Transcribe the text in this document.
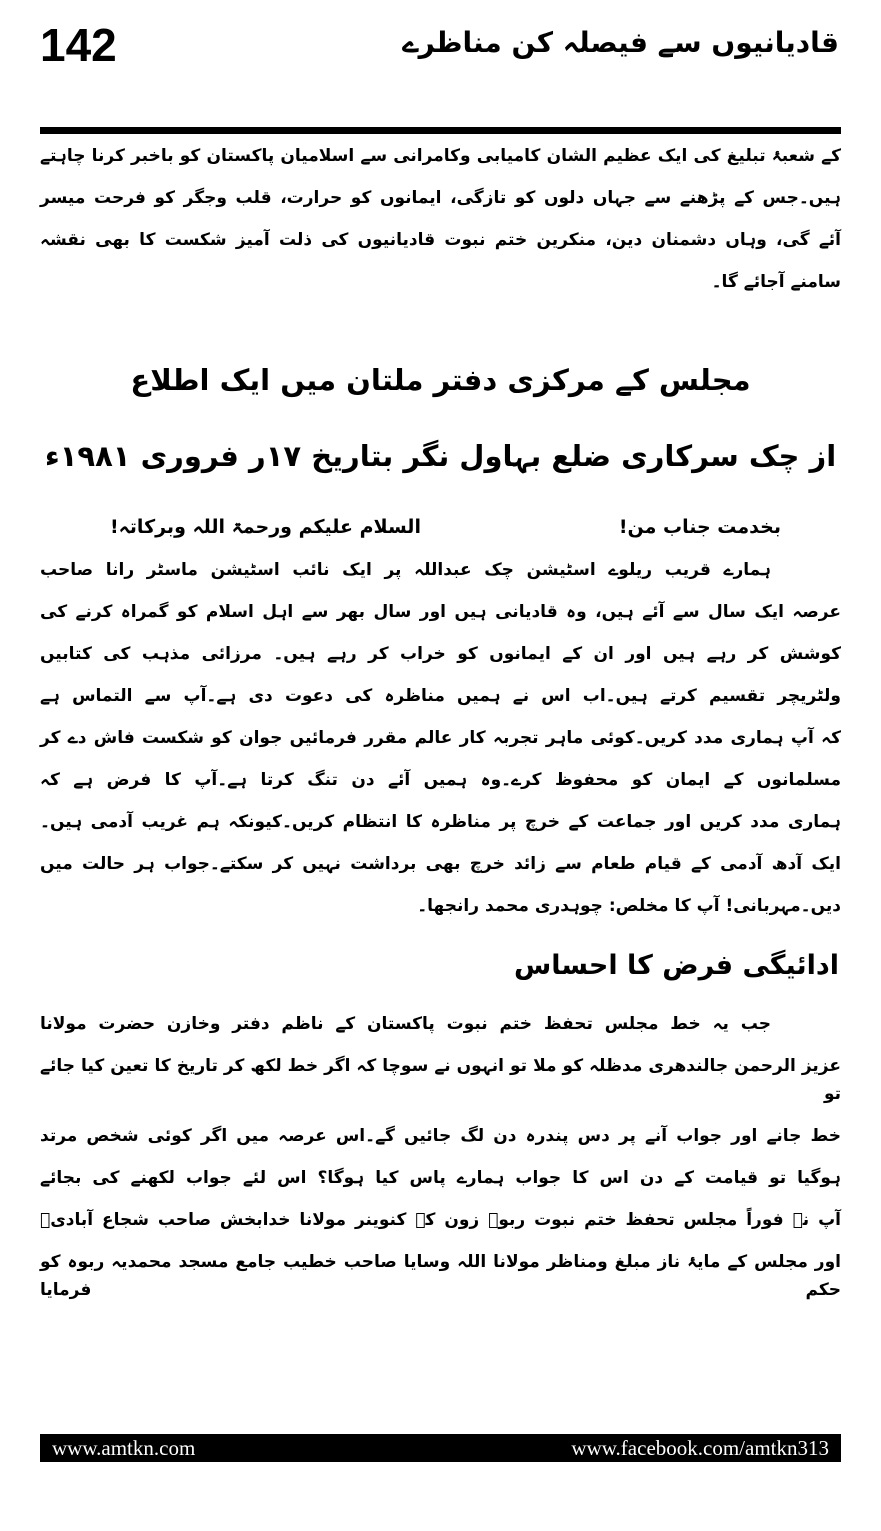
142	قادیانیوں سے فیصلہ کن مناظرے
کے شعبۂ تبلیغ کی ایک عظیم الشان کامیابی وکامرانی سے اسلامیان پاکستان کو باخبر کرنا چاہتے
ہیں۔جس کے پڑھنے سے جہاں دلوں کو تازگی، ایمانوں کو حرارت، قلب وجگر کو فرحت میسر
آئے گی، وہاں دشمنان دین، منکرین ختم نبوت قادیانیوں کی ذلت آمیز شکست کا بھی نقشہ
سامنے آجائے گا۔
مجلس کے مرکزی دفتر ملتان میں ایک اطلاع
از چک سرکاری ضلع بہاول نگر بتاریخ ۱۷ر فروری ۱۹۸۱ء
بخدمت جناب من!
السلام علیکم ورحمۃ اللہ وبرکاتہ!
ہمارے قریب ریلوے اسٹیشن چک عبداللہ پر ایک نائب اسٹیشن ماسٹر رانا صاحب
عرصہ ایک سال سے آئے ہیں، وہ قادیانی ہیں اور سال بھر سے اہل اسلام کو گمراہ کرنے کی
کوشش کر رہے ہیں اور ان کے ایمانوں کو خراب کر رہے ہیں۔ مرزائی مذہب کی کتابیں
ولٹریچر تقسیم کرتے ہیں۔اب اس نے ہمیں مناظرہ کی دعوت دی ہے۔آپ سے التماس ہے
کہ آپ ہماری مدد کریں۔کوئی ماہر تجربہ کار عالم مقرر فرمائیں جوان کو شکست فاش دے کر
مسلمانوں کے ایمان کو محفوظ کرے۔وہ ہمیں آئے دن تنگ کرتا ہے۔آپ کا فرض ہے کہ
ہماری مدد کریں اور جماعت کے خرچ پر مناظرہ کا انتظام کریں۔کیونکہ ہم غریب آدمی ہیں۔
ایک آدھ آدمی کے قیام طعام سے زائد خرچ بھی برداشت نہیں کر سکتے۔جواب ہر حالت میں
دیں۔مہربانی! آپ کا مخلص: چوہدری محمد رانجھا۔
ادائیگی فرض کا احساس
جب یہ خط مجلس تحفظ ختم نبوت پاکستان کے ناظم دفتر وخازن حضرت مولانا
عزیز الرحمن جالندھری مدظلہ کو ملا تو انہوں نے سوچا کہ اگر خط لکھ کر تاریخ کا تعین کیا جائے تو
خط جانے اور جواب آنے پر دس پندرہ دن لگ جائیں گے۔اس عرصہ میں اگر کوئی شخص مرتد
ہوگیا تو قیامت کے دن اس کا جواب ہمارے پاس کیا ہوگا؟ اس لئے جواب لکھنے کی بجائے
آپ نے فوراً مجلس تحفظ ختم نبوت ربوہ زون کے کنوینر مولانا خدابخش صاحب شجاع آبادیؒ
اور مجلس کے مایۂ ناز مبلغ ومناظر مولانا اللہ وسایا صاحب خطیب جامع مسجد محمدیہ ربوہ کو حکم فرمایا
www.amtkn.com	www.facebook.com/amtkn313
